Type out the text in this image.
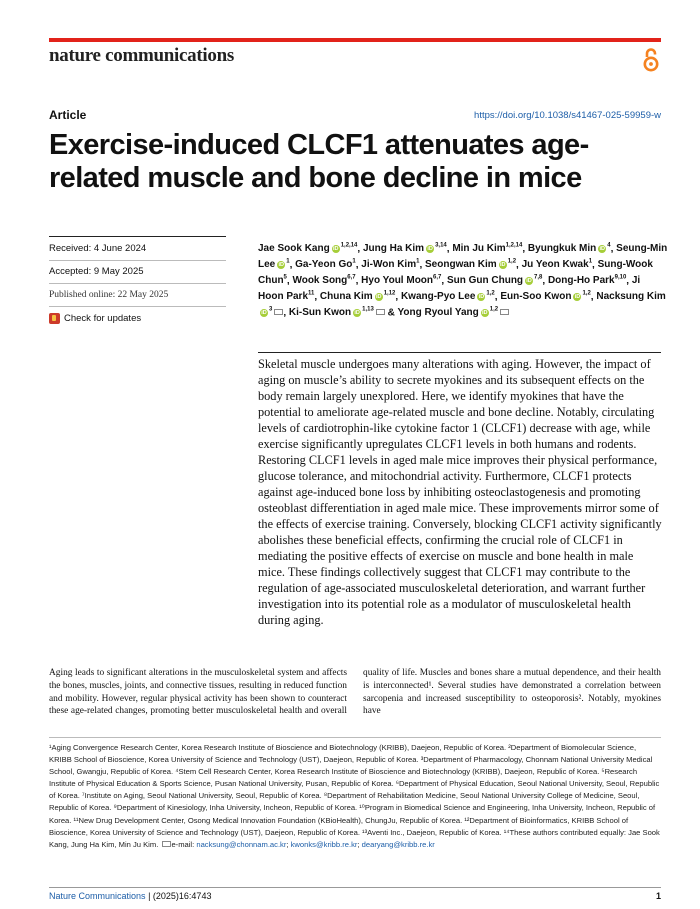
nature communications
Article	https://doi.org/10.1038/s41467-025-59959-w
Exercise-induced CLCF1 attenuates age-related muscle and bone decline in mice
Received: 4 June 2024
Accepted: 9 May 2025
Published online: 22 May 2025
Check for updates
Jae Sook Kang iD$^{1,2,14}$, Jung Ha Kim iD$^{3,14}$, Min Ju Kim$^{1,2,14}$, Byungkuk Min $iD^4$, Seung-Min Lee $iD^1$, Ga-Yeon Go$^1$, Ji-Won Kim$^1$, Seongwan Kim iD$^{1,2}$, Ju Yeon Kwak$^1$, Sung-Wook Chun$^5$, Wook Song$^{6,7}$, Hyo Youl Moon$^{6,7}$, Sun Gun Chung iD$^{7,8}$, Dong-Ho Park$^{9,10}$, Ji Hoon Park$^{11}$, Chuna Kim iD$^{1,12}$, Kwang-Pyo Lee iD$^{1,2}$, Eun-Soo Kwon iD$^{1,2}$, Nacksung KimiD$^3$ , Ki-Sun Kwon iD$^{1,13}$ & Yong Ryoul Yang iD$^{1,2}$

Skeletal muscle undergoes many alterations with aging. However, the impact of aging on muscle’s ability to secrete myokines and its subsequent effects on the body remain largely unexplored. Here, we identify myokines that have the potential to ameliorate age-related muscle and bone decline. Notably, circulating levels of cardiotrophin-like cytokine factor 1 (CLCF1) decrease with age, while exercise significantly upregulates CLCF1 levels in both humans and rodents. Restoring CLCF1 levels in aged male mice improves their physical performance, glucose tolerance, and mitochondrial activity. Furthermore, CLCF1 protects against age-induced bone loss by inhibiting osteoclastogenesis and promoting osteoblast differentiation in aged male mice. These improvements mirror some of the effects of exercise training. Conversely, blocking CLCF1 activity significantly abolishes these beneficial effects, confirming the crucial role of CLCF1 in mediating the positive effects of exercise on muscle and bone health in male mice. These findings collectively suggest that CLCF1 may contribute to the regulation of age-associated musculoskeletal deterioration, and warrant further investigation into its potential role as a modulator of musculoskeletal health during aging.

Aging leads to significant alterations in the musculoskeletal system and affects the bones, muscles, joints, and connective tissues, resulting in reduced function and mobility. However, regular physical activity has been shown to counteract these age-related changes, promoting better musculoskeletal health and overall quality of life. Muscles and bones share a mutual dependence, and their health is interconnected¹. Several studies have demonstrated a correlation between sarcopenia and increased susceptibility to osteoporosis². Notably, myokines have

¹Aging Convergence Research Center, Korea Research Institute of Bioscience and Biotechnology (KRIBB), Daejeon, Republic of Korea. ²Department of Biomolecular Science, KRIBB School of Bioscience, Korea University of Science and Technology (UST), Daejeon, Republic of Korea. ³Department of Pharmacology, Chonnam National University Medical School, Gwangju, Republic of Korea. ⁴Stem Cell Research Center, Korea Research Institute of Bioscience and Biotechnology (KRIBB), Daejeon, Republic of Korea. ⁵Research Institute of Physical Education & Sports Science, Pusan National University, Pusan, Republic of Korea. ⁶Department of Physical Education, Seoul National University, Seoul, Republic of Korea. ⁷Institute on Aging, Seoul National University, Seoul, Republic of Korea. ⁸Department of Rehabilitation Medicine, Seoul National University College of Medicine, Seoul, Republic of Korea. ⁹Department of Kinesiology, Inha University, Incheon, Republic of Korea. ¹⁰Program in Biomedical Science and Engineering, Inha University, Incheon, Republic of Korea. ¹¹New Drug Development Center, Osong Medical Innovation Foundation (KBioHealth), ChungJu, Republic of Korea. ¹²Department of Bioinformatics, KRIBB School of Bioscience, Korea University of Science and Technology (UST), Daejeon, Republic of Korea. ¹³Aventi Inc., Daejeon, Republic of Korea. ¹⁴These authors contributed equally: Jae Sook Kang, Jung Ha Kim, Min Ju Kim. e-mail: nacksung@chonnam.ac.kr; kwonks@kribb.re.kr; dearyang@kribb.re.kr

Nature Communications | (2025)16:4743	1
